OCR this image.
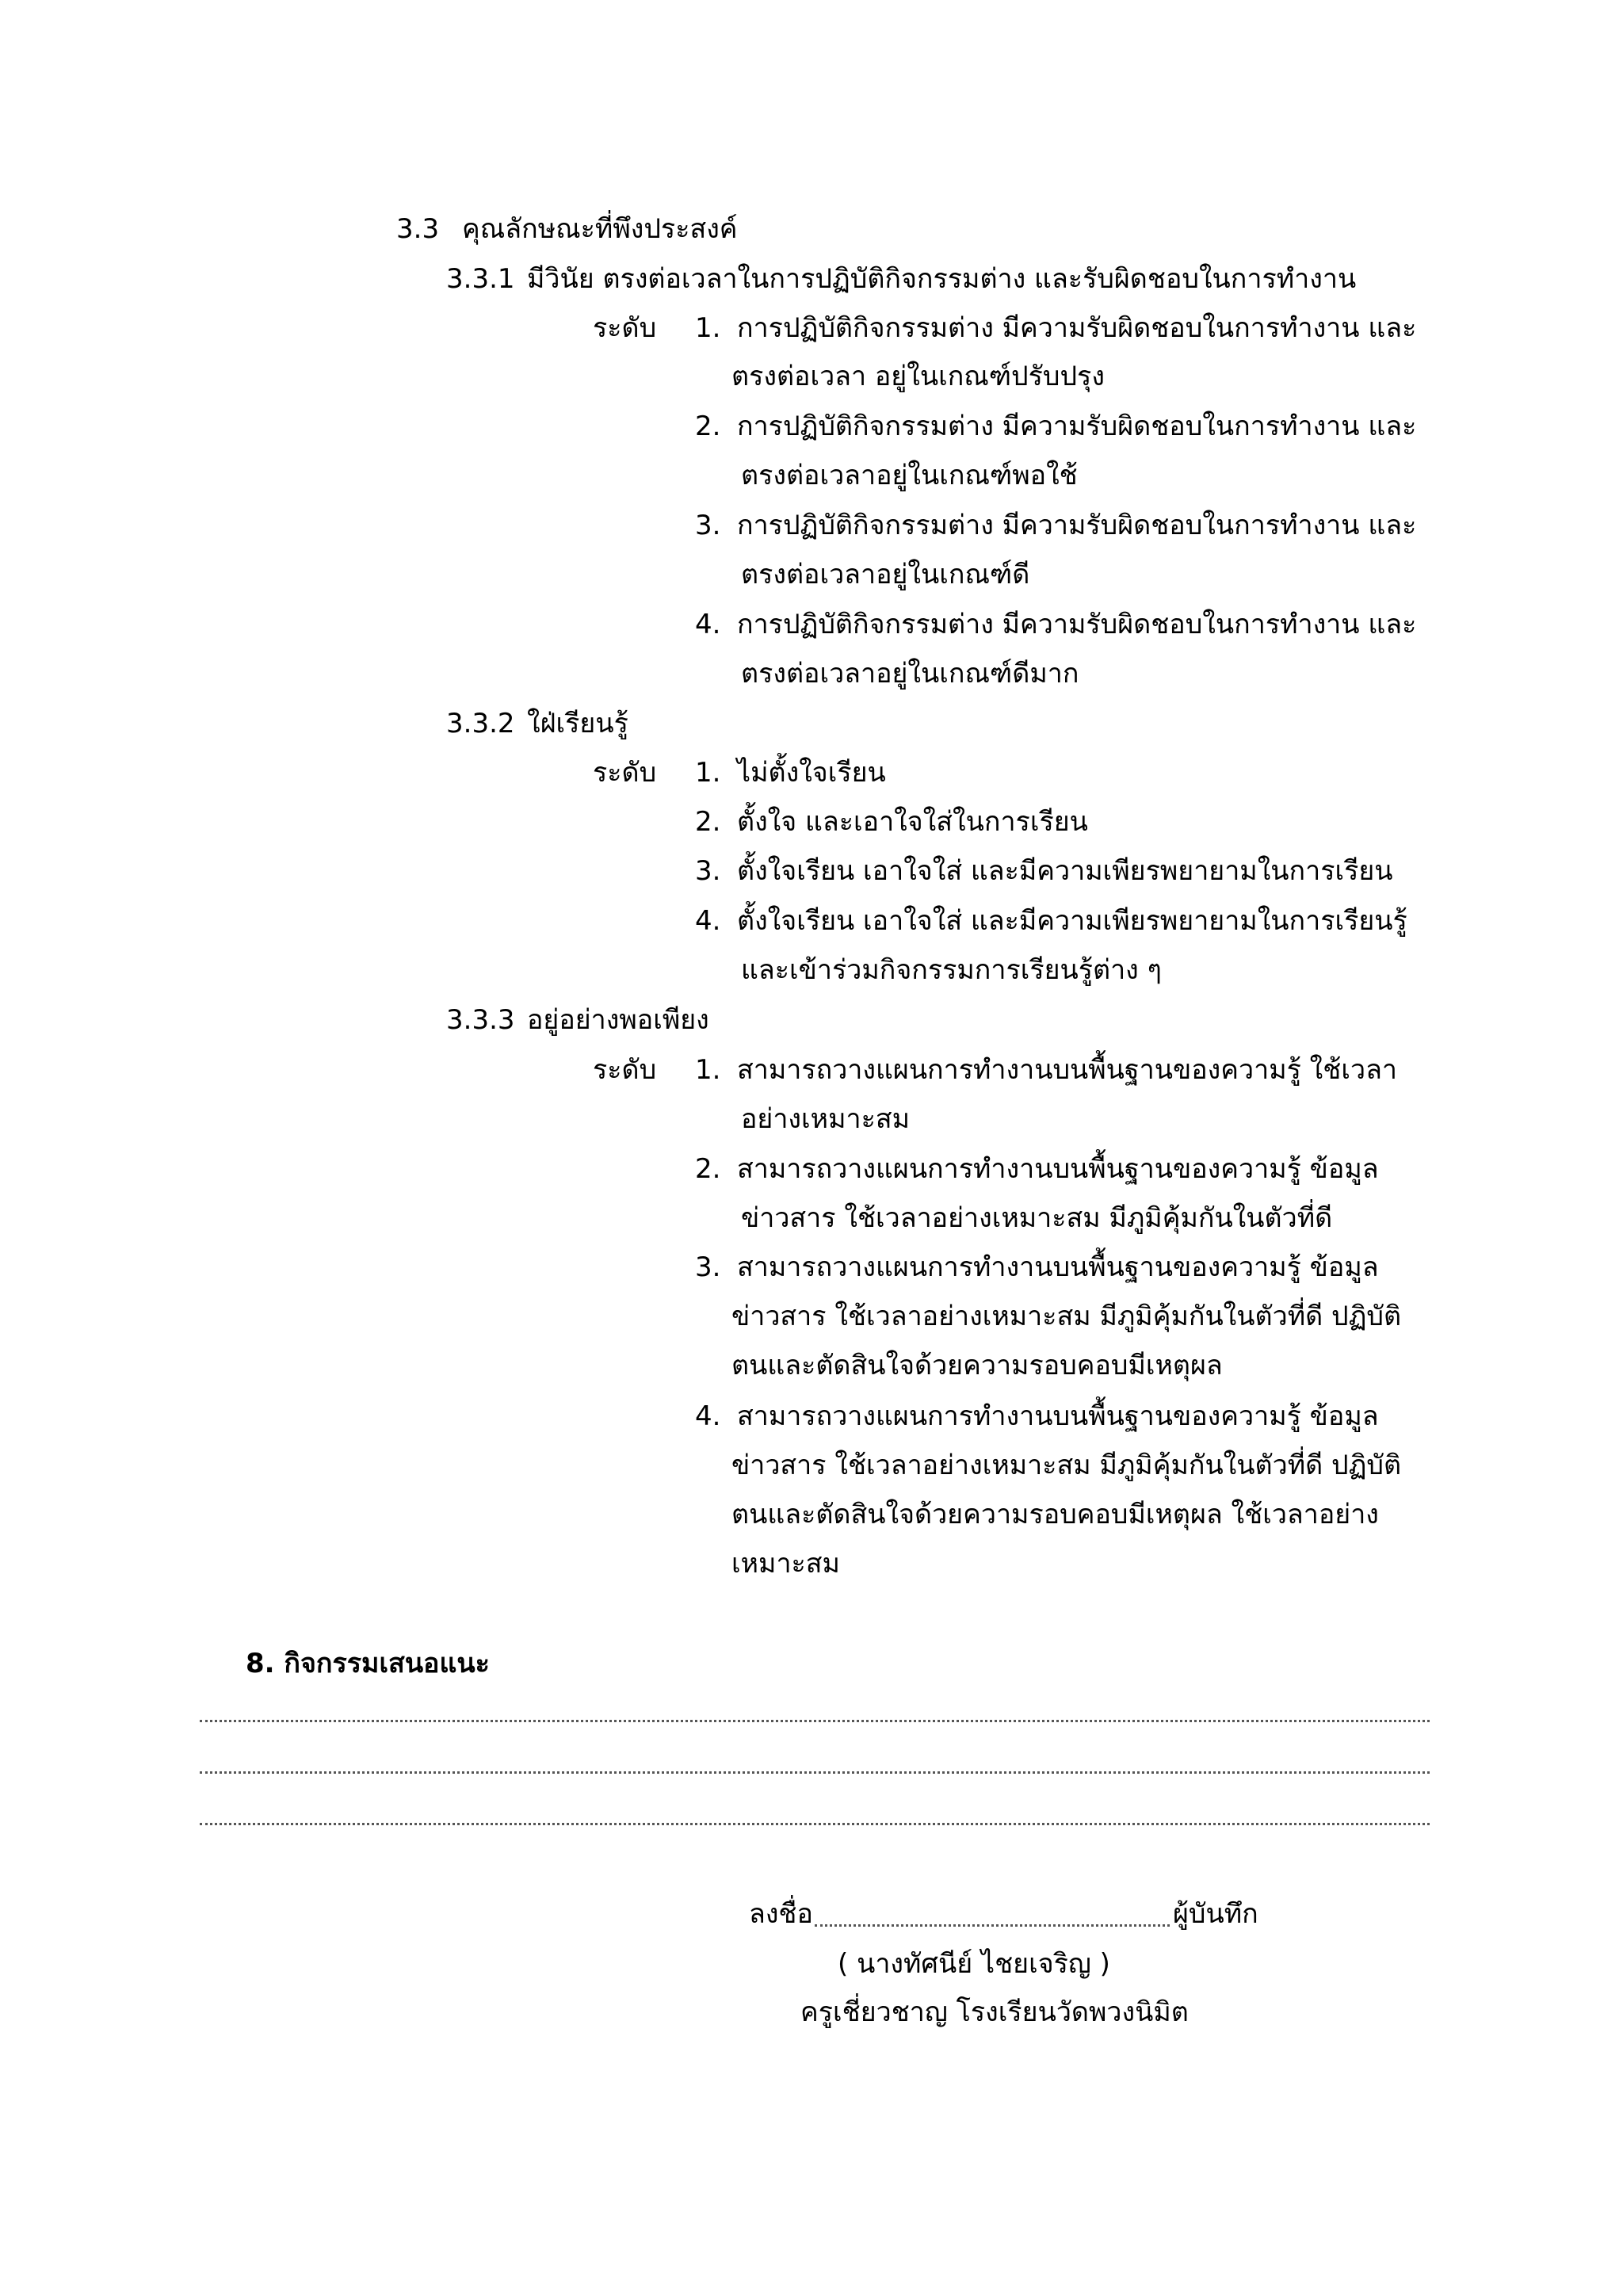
3.3 คุณลักษณะที่พึงประสงค์
3.3.1 มีวินัย ตรงต่อเวลาในการปฏิบัติกิจกรรมต่าง และรับผิดชอบในการทำงาน
ระดับ 1. การปฏิบัติกิจกรรมต่าง มีความรับผิดชอบในการทำงาน และ
ตรงต่อเวลา อยู่ในเกณฑ์ปรับปรุง
2. การปฏิบัติกิจกรรมต่าง มีความรับผิดชอบในการทำงาน และ
ตรงต่อเวลาอยู่ในเกณฑ์พอใช้
3. การปฏิบัติกิจกรรมต่าง มีความรับผิดชอบในการทำงาน และ
ตรงต่อเวลาอยู่ในเกณฑ์ดี
4. การปฏิบัติกิจกรรมต่าง มีความรับผิดชอบในการทำงาน และ
ตรงต่อเวลาอยู่ในเกณฑ์ดีมาก
3.3.2 ใฝ่เรียนรู้
ระดับ 1. ไม่ตั้งใจเรียน
2. ตั้งใจ และเอาใจใส่ในการเรียน
3. ตั้งใจเรียน เอาใจใส่ และมีความเพียรพยายามในการเรียน
4. ตั้งใจเรียน เอาใจใส่ และมีความเพียรพยายามในการเรียนรู้
และเข้าร่วมกิจกรรมการเรียนรู้ต่าง ๆ
3.3.3 อยู่อย่างพอเพียง
ระดับ 1. สามารถวางแผนการทำงานบนพื้นฐานของความรู้ ใช้เวลา
อย่างเหมาะสม
2. สามารถวางแผนการทำงานบนพื้นฐานของความรู้ ข้อมูล
ข่าวสาร ใช้เวลาอย่างเหมาะสม มีภูมิคุ้มกันในตัวที่ดี
3. สามารถวางแผนการทำงานบนพื้นฐานของความรู้ ข้อมูล
ข่าวสาร ใช้เวลาอย่างเหมาะสม มีภูมิคุ้มกันในตัวที่ดี ปฏิบัติ
ตนและตัดสินใจด้วยความรอบคอบมีเหตุผล
4. สามารถวางแผนการทำงานบนพื้นฐานของความรู้ ข้อมูล
ข่าวสาร ใช้เวลาอย่างเหมาะสม มีภูมิคุ้มกันในตัวที่ดี ปฏิบัติ
ตนและตัดสินใจด้วยความรอบคอบมีเหตุผล ใช้เวลาอย่าง
เหมาะสม
8. กิจกรรมเสนอแนะ
ลงชื่อ	ผู้บันทึก
( นางทัศนีย์ ไชยเจริญ )
ครูเชี่ยวชาญ โรงเรียนวัดพวงนิมิต
